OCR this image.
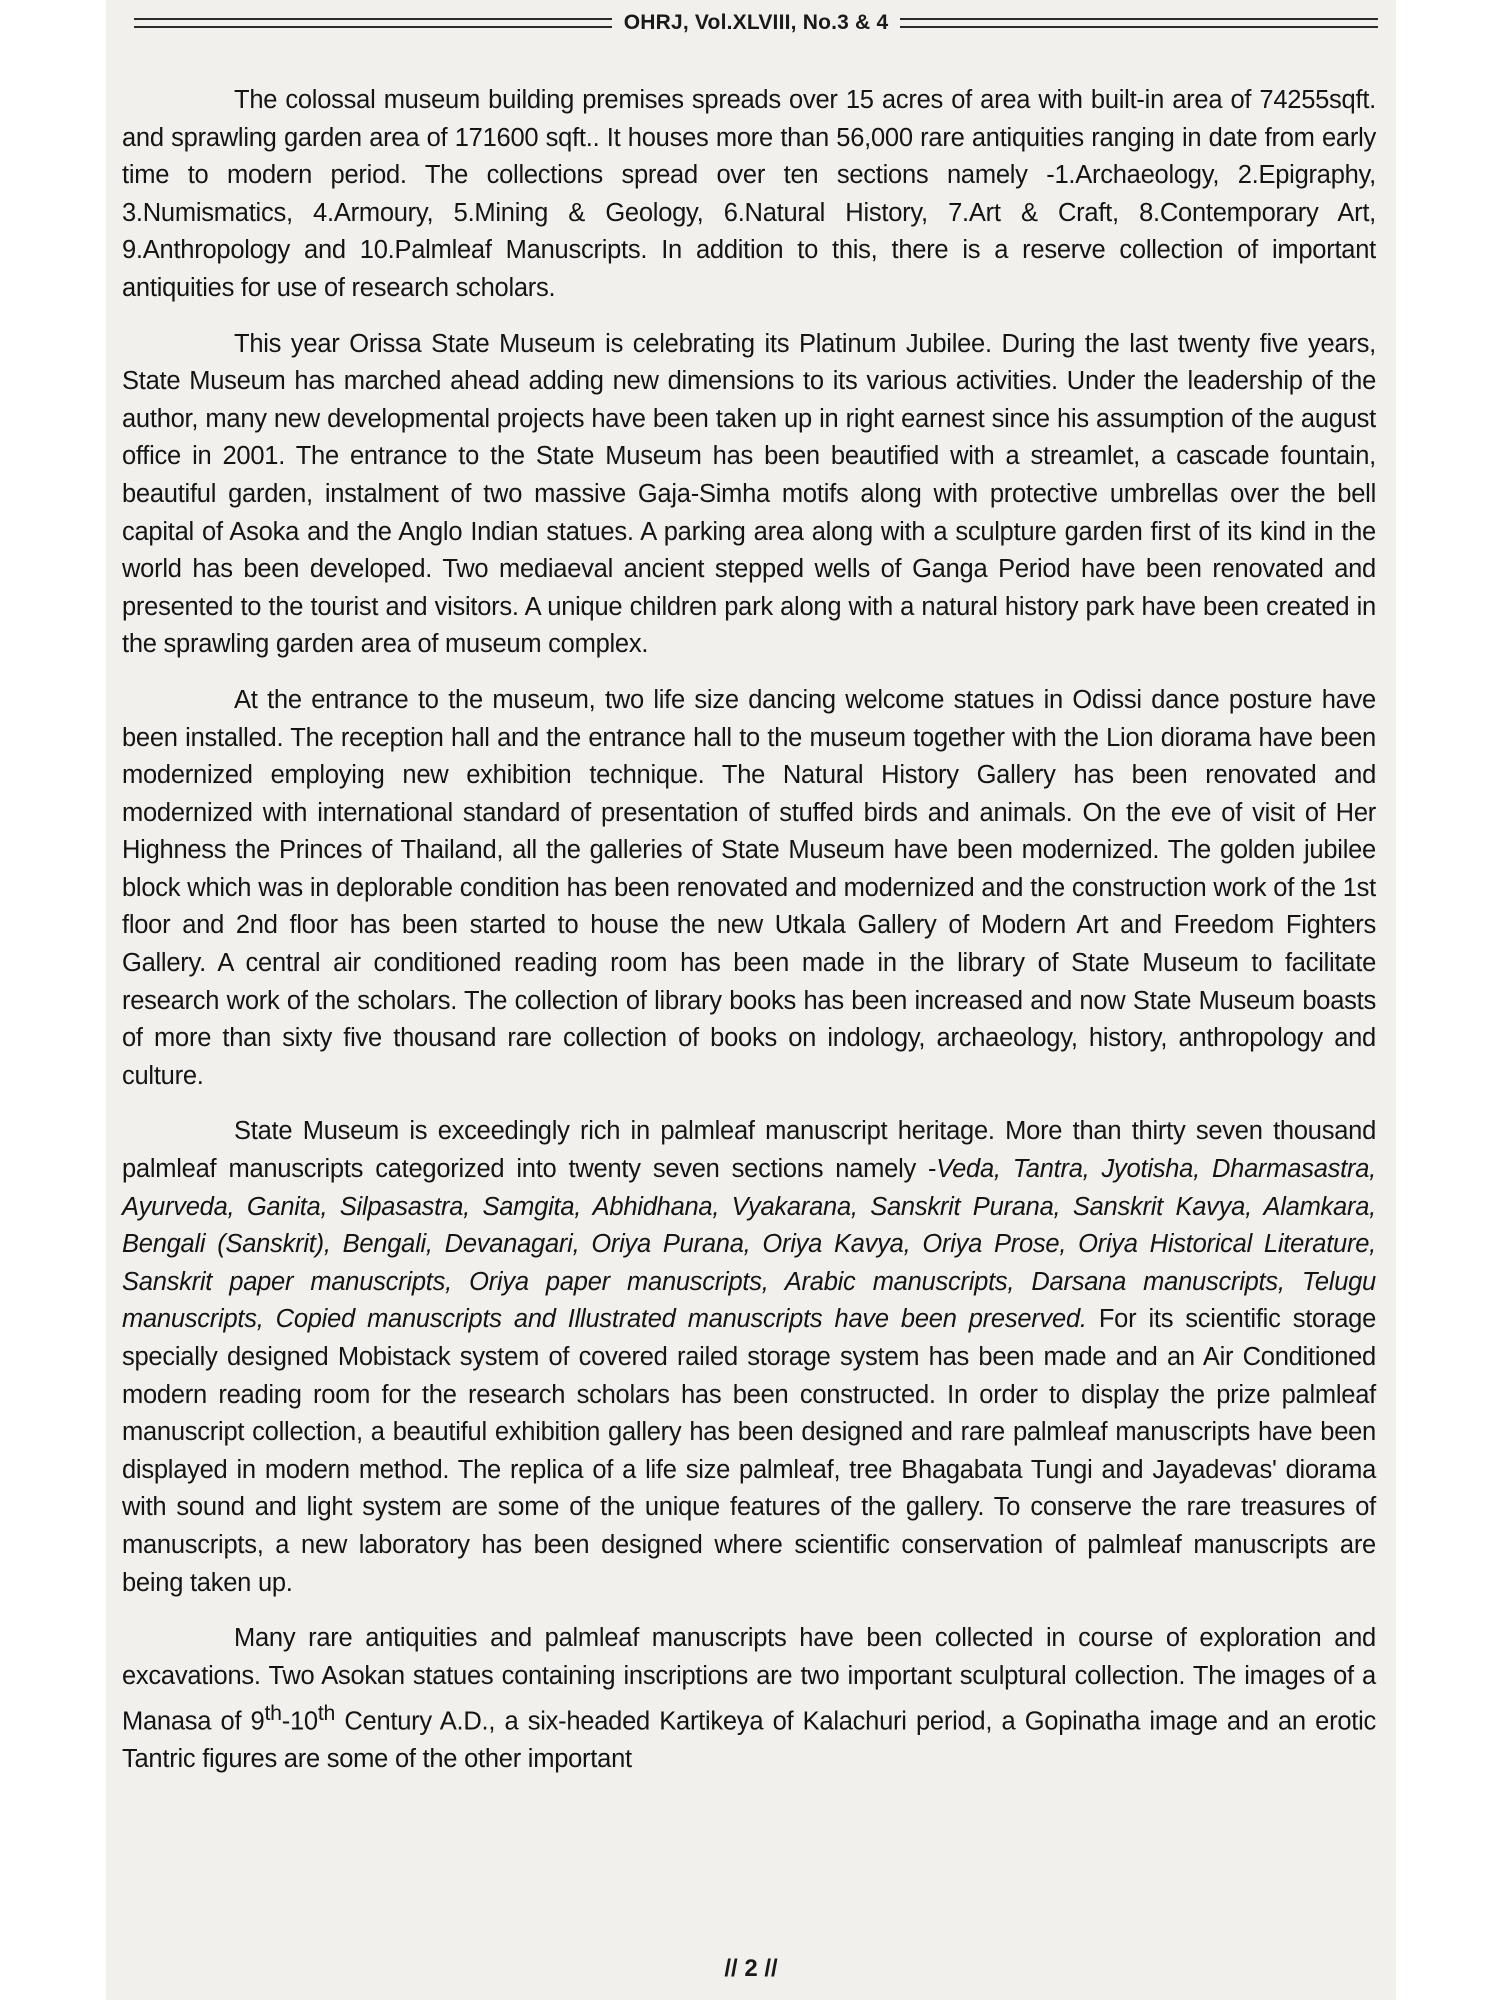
OHRJ, Vol.XLVIII, No.3 & 4

The colossal museum building premises spreads over 15 acres of area with built-in area of 74255sqft. and sprawling garden area of 171600 sqft.. It houses more than 56,000 rare antiquities ranging in date from early time to modern period. The collections spread over ten sections namely -1.Archaeology, 2.Epigraphy, 3.Numismatics, 4.Armoury, 5.Mining & Geology, 6.Natural History, 7.Art & Craft, 8.Contemporary Art, 9.Anthropology and 10.Palmleaf Manuscripts. In addition to this, there is a reserve collection of important antiquities for use of research scholars.

This year Orissa State Museum is celebrating its Platinum Jubilee. During the last twenty five years, State Museum has marched ahead adding new dimensions to its various activities. Under the leadership of the author, many new developmental projects have been taken up in right earnest since his assumption of the august office in 2001. The entrance to the State Museum has been beautified with a streamlet, a cascade fountain, beautiful garden, instalment of two massive Gaja-Simha motifs along with protective umbrellas over the bell capital of Asoka and the Anglo Indian statues. A parking area along with a sculpture garden first of its kind in the world has been developed. Two mediaeval ancient stepped wells of Ganga Period have been renovated and presented to the tourist and visitors. A unique children park along with a natural history park have been created in the sprawling garden area of museum complex.

At the entrance to the museum, two life size dancing welcome statues in Odissi dance posture have been installed. The reception hall and the entrance hall to the museum together with the Lion diorama have been modernized employing new exhibition technique. The Natural History Gallery has been renovated and modernized with international standard of presentation of stuffed birds and animals. On the eve of visit of Her Highness the Princes of Thailand, all the galleries of State Museum have been modernized. The golden jubilee block which was in deplorable condition has been renovated and modernized and the construction work of the 1st floor and 2nd floor has been started to house the new Utkala Gallery of Modern Art and Freedom Fighters Gallery. A central air conditioned reading room has been made in the library of State Museum to facilitate research work of the scholars. The collection of library books has been increased and now State Museum boasts of more than sixty five thousand rare collection of books on indology, archaeology, history, anthropology and culture.

State Museum is exceedingly rich in palmleaf manuscript heritage. More than thirty seven thousand palmleaf manuscripts categorized into twenty seven sections namely -Veda, Tantra, Jyotisha, Dharmasastra, Ayurveda, Ganita, Silpasastra, Samgita, Abhidhana, Vyakarana, Sanskrit Purana, Sanskrit Kavya, Alamkara, Bengali (Sanskrit), Bengali, Devanagari, Oriya Purana, Oriya Kavya, Oriya Prose, Oriya Historical Literature, Sanskrit paper manuscripts, Oriya paper manuscripts, Arabic manuscripts, Darsana manuscripts, Telugu manuscripts, Copied manuscripts and Illustrated manuscripts have been preserved. For its scientific storage specially designed Mobistack system of covered railed storage system has been made and an Air Conditioned modern reading room for the research scholars has been constructed. In order to display the prize palmleaf manuscript collection, a beautiful exhibition gallery has been designed and rare palmleaf manuscripts have been displayed in modern method. The replica of a life size palmleaf, tree Bhagabata Tungi and Jayadevas' diorama with sound and light system are some of the unique features of the gallery. To conserve the rare treasures of manuscripts, a new laboratory has been designed where scientific conservation of palmleaf manuscripts are being taken up.

Many rare antiquities and palmleaf manuscripts have been collected in course of exploration and excavations. Two Asokan statues containing inscriptions are two important sculptural collection. The images of a Manasa of 9th-10th Century A.D., a six-headed Kartikeya of Kalachuri period, a Gopinatha image and an erotic Tantric figures are some of the other important

// 2 //
